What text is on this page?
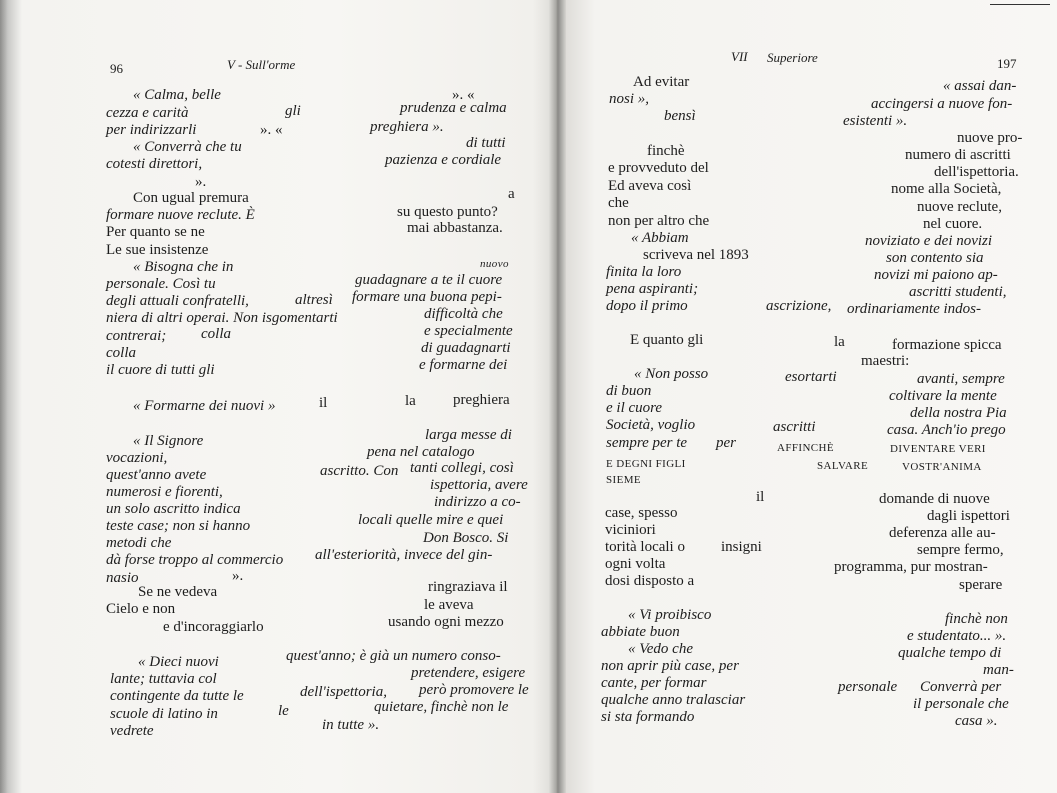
96	V - Sull'orme
« Calma, belle	». «
cezza e carità	gli	prudenza e calma
per indirizzarli	». «	preghiera ».
« Converrà che tu	di tutti
cotesti direttori,	pazienza e cordiale
».
Con ugual premura	a
formare nuove reclute. È	su questo punto?
Per quanto se ne	mai abbastanza.
Le sue insistenze
« Bisogna che in	nuovo
personale. Così tu	guadagnare a te il cuore
degli attuali confratelli,	altresì formare una buona pepi-
niera di altri operai. Non isgomentarti	difficoltà che
contrerai; colla	e specialmente
colla	di guadagnarti
il cuore di tutti gli	e formarne dei
« Formarne dei nuovi »	il	la preghiera
« Il Signore	larga messe di
vocazioni,	pena nel catalogo
quest'anno avete	ascritto. Con tanti collegi, così
numerosi e fiorenti,	ispettoria, avere
un solo ascritto indica	indirizzo a co-
teste case; non si hanno	locali quelle mire e quei
metodi che	Don Bosco. Si
dà forse troppo al commercio all'esteriorità, invece del gin-
nasio	».
Se ne vedeva	ringraziava il
Cielo e non	le aveva
e d'incoraggiarlo	usando ogni mezzo
« Dieci nuovi	quest'anno; è già un numero conso-
lante; tuttavia col	pretendere, esigere
contingente da tutte le	dell'ispettoria, però promovere le
scuole di latino in	le	quietare, finchè non le
vedrete	in tutte ».
VII Superiore	197
Ad evitar	« assai dan-
nosi »,	accingersi a nuove fon-
bensì	esistenti ».
nuove pro-
finchè	numero di ascritti
e provveduto del	dell'ispettoria.
Ed aveva così	nome alla Società,
che	nuove reclute,
non per altro che	nel cuore.
« Abbiam	noviziato e dei novizi
scriveva nel 1893	son contento sia
finita la loro	novizi mi paiono ap-
pena aspiranti;	ascritti studenti,
dopo il primo	ascrizione, ordinariamente indos-
E quanto gli	la	formazione spicca
maestri:
« Non posso	esortarti	avanti, sempre
di buon	coltivare la mente
e il cuore	della nostra Pia
Società, voglio	ascritti	casa. Anch'io prego
sempre per te per	AFFINCHÈ	DIVENTARE VERI
E DEGNI FIGLI	SALVARE	VOSTR'ANIMA
SIEME
il	domande di nuove
case, spesso	dagli ispettori
viciniori	deferenza alle au-
torità locali o insigni	sempre fermo,
ogni volta	programma, pur mostran-
dosi disposto a	sperare
« Vi proibisco	finchè non
abbiate buon	e studentato... ».
« Vedo che	qualche tempo di
non aprir più case, per	man-
cante, per formar	personale Converrà per
qualche anno tralasciar	il personale che
si sta formando	casa ».
